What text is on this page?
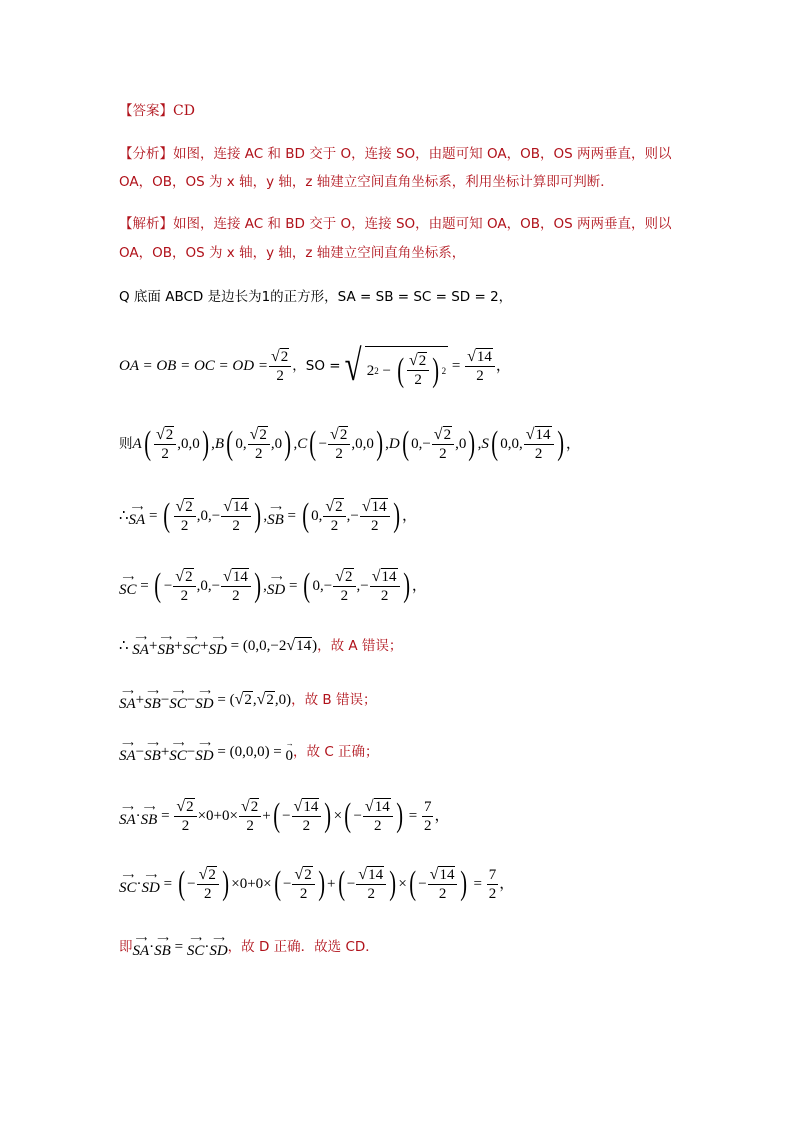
【答案】CD
【分析】如图，连接 AC 和 BD 交于 O，连接 SO，由题可知 OA，OB，OS 两两垂直，则以
OA，OB，OS 为 x 轴，y 轴，z 轴建立空间直角坐标系，利用坐标计算即可判断．
【解析】如图，连接 AC 和 BD 交于 O，连接 SO，由题可知 OA，OB，OS 两两垂直，则以
OA，OB，OS 为 x 轴，y 轴，z 轴建立空间直角坐标系，
Q 底面 ABCD 是边长为1的正方形，SA = SB = SC = SD = 2，
OA = OB = OC = OD = $\frac{√ 2}{2}$ ，SO = √ 2 2 − ( $\frac{√ 2}{2}$ ) $2 = \frac{√ 14}{2}$ ，
则 A ( $\frac{√ 2}{2} ,0,0$ ) , B ( 0, $\frac{√ 2}{2} ,0$ ) , C ( − $\frac{√ 2}{2} ,0,0$ ) , D ( $0,- \frac{√ 2}{2} ,0$ ) , S ( 0,0, $\frac{√ 14}{2}$ ) ，
∴
⟶
SA = ( $\frac{√ 2}{2} ,0,- \frac{√ 14}{2}$ ) ,
⟶
SB = ( 0, $\frac{√ 2}{2}$ ,− $\frac{√ 14}{2}$ ) ，
⟶
SC = ( − $\frac{√ 2}{2} ,0,- \frac{√ 14}{2}$ ) ,
⟶
SD = ( $0,- \frac{√ 2}{2}$ ,− $\frac{√ 14}{2}$ ) ，
∴
⟶
SA +
⟶
SB +
⟶
SC +
⟶
SD = (0,0,−2 √ 14 ) ，故 A 错误；
⟶
SA +
⟶
SB −
⟶
SC −
⟶
SD = ( √ 2 , √ 2 ,0) ，故 B 错误；
⟶
SA −
⟶
SB +
⟶
SC −
⟶
SD = (0,0,0) =
→
0 ，故 C 正确；
⟶
SA ·
⟶
SB = $\frac{√ 2}{2} \times 0+0\times \frac{√ 2}{2}$ + ( − $\frac{√ 14}{2}$ ) × ( − $\frac{√ 14}{2}$ ) = $\frac{7}{2}$ ，
⟶
SC ·
⟶
SD = ( − $\frac{√ 2}{2}$ ) ×0+0× ( − $\frac{√ 2}{2}$ ) + ( − $\frac{√ 14}{2}$ ) × ( − $\frac{√ 14}{2}$ ) = $\frac{7}{2}$ ，
即
⟶
SA ·
⟶
SB =
⟶
SC ·
⟶
SD ，故 D 正确．故选 CD．
